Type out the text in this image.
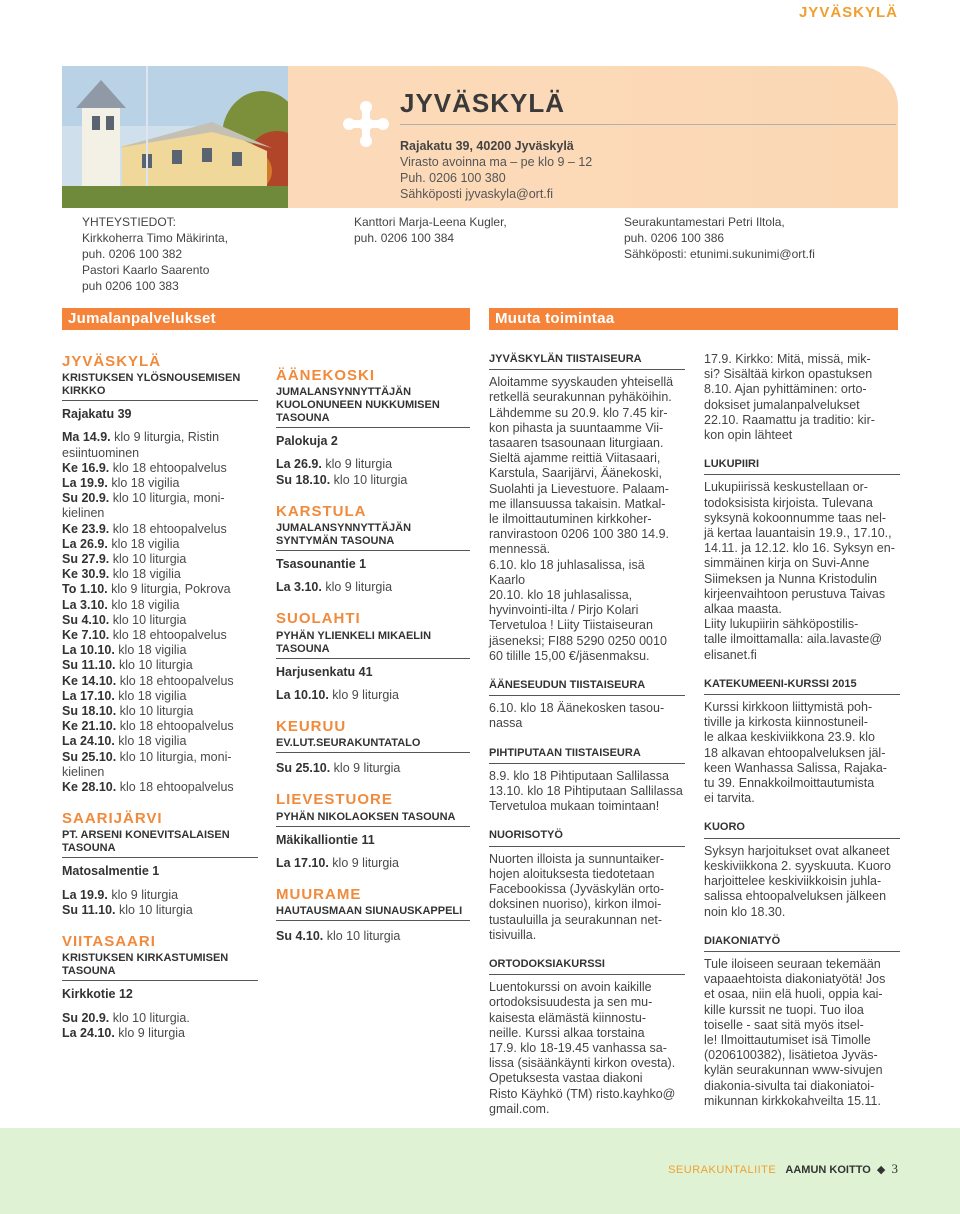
JYVÄSKYLÄ
JYVÄSKYLÄ
Rajakatu 39, 40200 Jyväskylä
Virasto avoinna ma – pe klo 9 – 12
Puh. 0206 100 380
Sähköposti jyvaskyla@ort.fi
YHTEYSTIEDOT:
Kirkkoherra Timo Mäkirinta,
puh. 0206 100 382
Pastori Kaarlo Saarento
puh 0206 100 383
Kanttori Marja-Leena Kugler,
puh. 0206 100 384
Seurakuntamestari Petri Iltola,
puh. 0206 100 386
Sähköposti: etunimi.sukunimi@ort.fi
Jumalanpalvelukset	Muuta toimintaa
JYVÄSKYLÄ
KRISTUKSEN YLÖSNOUSEMISEN KIRKKO
Rajakatu 39
Ma 14.9. klo 9 liturgia, Ristin esiintuominen
Ke 16.9. klo 18 ehtoopalvelus
La 19.9. klo 18 vigilia
Su 20.9. klo 10 liturgia, moni-kielinen
Ke 23.9. klo 18 ehtoopalvelus
La 26.9. klo 18 vigilia
Su 27.9. klo 10 liturgia
Ke 30.9. klo 18 vigilia
To 1.10. klo 9 liturgia, Pokrova
La 3.10. klo 18 vigilia
Su 4.10. klo 10 liturgia
Ke 7.10. klo 18 ehtoopalvelus
La 10.10. klo 18 vigilia
Su 11.10. klo 10 liturgia
Ke 14.10. klo 18 ehtoopalvelus
La 17.10. klo 18 vigilia
Su 18.10. klo 10 liturgia
Ke 21.10. klo 18 ehtoopalvelus
La 24.10. klo 18 vigilia
Su 25.10. klo 10 liturgia, moni-kielinen
Ke 28.10. klo 18 ehtoopalvelus
SAARIJÄRVI
PT. ARSENI KONEVITSALAISEN TASOUNA
Matosalmentie 1
La 19.9. klo 9 liturgia
Su 11.10. klo 10 liturgia
VIITASAARI
KRISTUKSEN KIRKASTUMISEN TASOUNA
Kirkkotie 12
Su 20.9. klo 10 liturgia.
La 24.10. klo 9 liturgia
ÄÄNEKOSKI
JUMALANSYNNYTTÄJÄN KUOLONUNEEN NUKKUMISEN TASOUNA
Palokuja 2
La 26.9. klo 9 liturgia
Su 18.10. klo 10 liturgia
KARSTULA
JUMALANSYNNYTTÄJÄN SYNTYMÄN TASOUNA
Tsasounantie 1
La 3.10. klo 9 liturgia
SUOLAHTI
PYHÄN YLIENKELI MIKAELIN TASOUNA
Harjusenkatu 41
La 10.10. klo 9 liturgia
KEURUU
EV.LUT.SEURAKUNTATALO
Su 25.10. klo 9 liturgia
LIEVESTUORE
PYHÄN NIKOLAOKSEN TASOUNA
Mäkikalliontie 11
La 17.10. klo 9 liturgia
MUURAME
HAUTAUSMAAN SIUNAUSKAPPELI
Su 4.10. klo 10 liturgia
JYVÄSKYLÄN TIISTAISEURA
Aloitamme syyskauden yhteisellä
retkellä seurakunnan pyhäköihin.
Lähdemme su 20.9. klo 7.45 kir-
kon pihasta ja suuntaamme Vii-
tasaaren tsasounaan liturgiaan.
Sieltä ajamme reittiä Viitasaari,
Karstula, Saarijärvi, Äänekoski,
Suolahti ja Lievestuore. Palaam-
me illansuussa takaisin. Matkal-
le ilmoittautuminen kirkkoher-
ranvirastoon 0206 100 380 14.9.
mennessä.
6.10. klo 18 juhlasalissa, isä
Kaarlo
20.10. klo 18 juhlasalissa,
hyvinvointi-ilta / Pirjo Kolari
Tervetuloa ! Liity Tiistaiseuran
jäseneksi; FI88 5290 0250 0010
60 tilille 15,00 €/jäsenmaksu.
ÄÄNESEUDUN TIISTAISEURA
6.10. klo 18 Äänekosken tasou-
nassa
PIHTIPUTAAN TIISTAISEURA
8.9. klo 18 Pihtiputaan Sallilassa
13.10. klo 18 Pihtiputaan Sallilassa
Tervetuloa mukaan toimintaan!
NUORISOTYÖ
Nuorten illoista ja sunnuntaiker-
hojen aloituksesta tiedotetaan
Facebookissa (Jyväskylän orto-
doksinen nuoriso), kirkon ilmoi-
tustauluilla ja seurakunnan net-
tisivuilla.
ORTODOKSIAKURSSI
Luentokurssi on avoin kaikille
ortodoksisuudesta ja sen mu-
kaisesta elämästä kiinnostu-
neille. Kurssi alkaa torstaina
17.9. klo 18-19.45 vanhassa sa-
lissa (sisäänkäynti kirkon ovesta).
Opetuksesta vastaa diakoni
Risto Käyhkö (TM) risto.kayhko@
gmail.com.
17.9. Kirkko: Mitä, missä, mik-
si? Sisältää kirkon opastuksen
8.10. Ajan pyhittäminen: orto-
doksiset jumalanpalvelukset
22.10. Raamattu ja traditio: kir-
kon opin lähteet
LUKUPIIRI
Lukupiirissä keskustellaan or-
todoksisista kirjoista. Tulevana
syksynä kokoonnumme taas nel-
jä kertaa lauantaisin 19.9., 17.10.,
14.11. ja 12.12. klo 16. Syksyn en-
simmäinen kirja on Suvi-Anne
Siimeksen ja Nunna Kristodulin
kirjeenvaihtoon perustuva Taivas
alkaa maasta.
Liity lukupiirin sähköpostilis-
talle ilmoittamalla: aila.lavaste@
elisanet.fi
KATEKUMEENI-KURSSI 2015
Kurssi kirkkoon liittymistä poh-
tiville ja kirkosta kiinnostuneil-
le alkaa keskiviikkona 23.9. klo
18 alkavan ehtoopalveluksen jäl-
keen Wanhassa Salissa, Rajaka-
tu 39. Ennakkoilmoittautumista
ei tarvita.
KUORO
Syksyn harjoitukset ovat alkaneet
keskiviikkona 2. syyskuuta. Kuoro
harjoittelee keskiviikkoisin juhla-
salissa ehtoopalveluksen jälkeen
noin klo 18.30.
DIAKONIATYÖ
Tule iloiseen seuraan tekemään
vapaaehtoista diakoniatyötä! Jos
et osaa, niin elä huoli, oppia kai-
kille kurssit ne tuopi. Tuo iloa
toiselle - saat sitä myös itsel-
le! Ilmoittautumiset isä Timolle
(0206100382), lisätietoa Jyväs-
kylän seurakunnan www-sivujen
diakonia-sivulta tai diakoniatoi-
mikunnan kirkkokahveilta 15.11.
SEURAKUNTALIITE AAMUN KOITTO ◆ 3
